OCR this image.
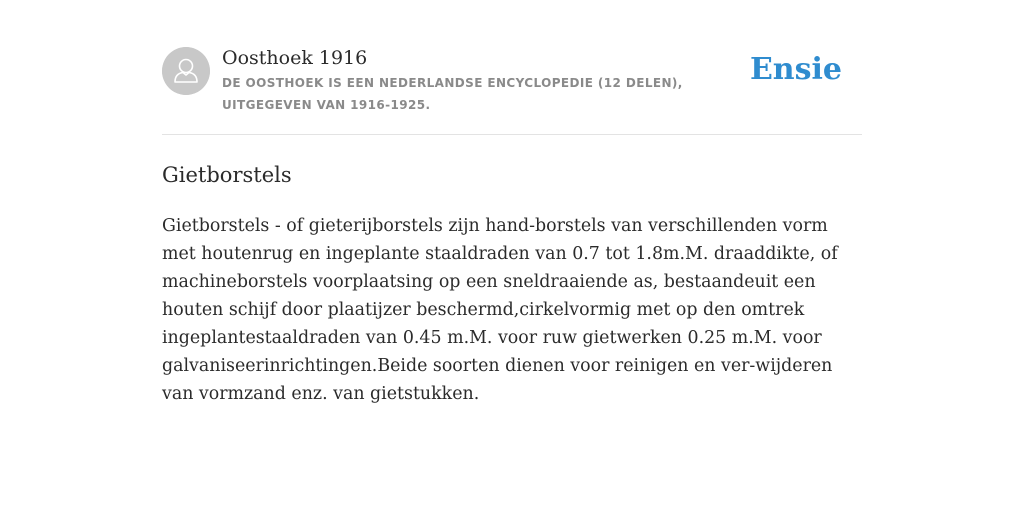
Oosthoek 1916
DE OOSTHOEK IS EEN NEDERLANDSE ENCYCLOPEDIE (12 DELEN), UITGEGEVEN VAN 1916-1925.
Ensie
Gietborstels

Gietborstels - of gieterijborstels zijn hand-borstels van verschillenden vorm met houtenrug en ingeplante staaldraden van 0.7 tot 1.8m.M. draaddikte, of machineborstels voorplaatsing op een sneldraaiende as, bestaandeuit een houten schijf door plaatijzer beschermd,cirkelvormig met op den omtrek ingeplantestaaldraden van 0.45 m.M. voor ruw gietwerken 0.25 m.M. voor galvaniseerinrichtingen.Beide soorten dienen voor reinigen en ver-wijderen van vormzand enz. van gietstukken.
